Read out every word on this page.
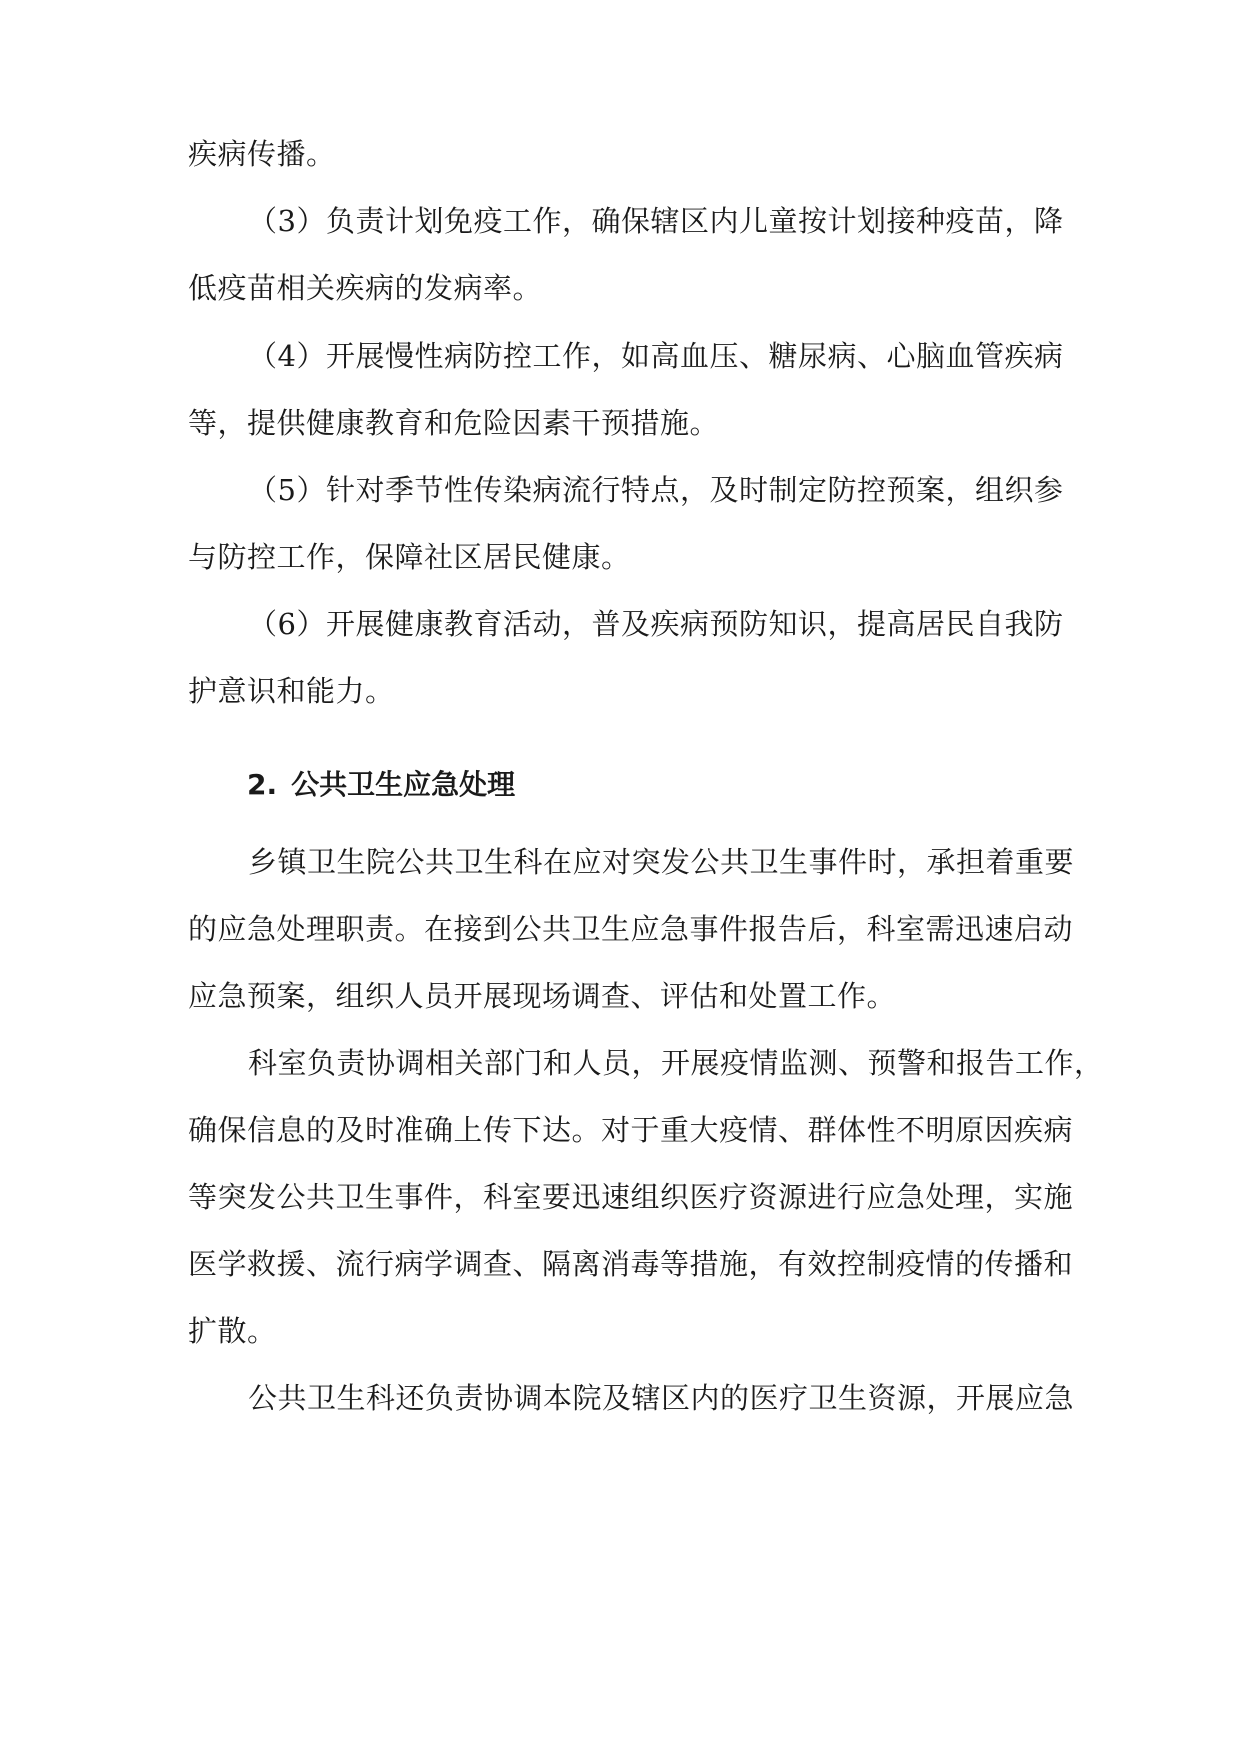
疾病传播。
（3）负责计划免疫工作，确保辖区内儿童按计划接种疫苗，降
低疫苗相关疾病的发病率。
（4）开展慢性病防控工作，如高血压、糖尿病、心脑血管疾病
等，提供健康教育和危险因素干预措施。
（5）针对季节性传染病流行特点，及时制定防控预案，组织参
与防控工作，保障社区居民健康。
（6）开展健康教育活动，普及疾病预防知识，提高居民自我防
护意识和能力。
2. 公共卫生应急处理
乡镇卫生院公共卫生科在应对突发公共卫生事件时，承担着重要
的应急处理职责。在接到公共卫生应急事件报告后，科室需迅速启动
应急预案，组织人员开展现场调查、评估和处置工作。
科室负责协调相关部门和人员，开展疫情监测、预警和报告工作，
确保信息的及时准确上传下达。对于重大疫情、群体性不明原因疾病
等突发公共卫生事件，科室要迅速组织医疗资源进行应急处理，实施
医学救援、流行病学调查、隔离消毒等措施，有效控制疫情的传播和
扩散。
公共卫生科还负责协调本院及辖区内的医疗卫生资源，开展应急
